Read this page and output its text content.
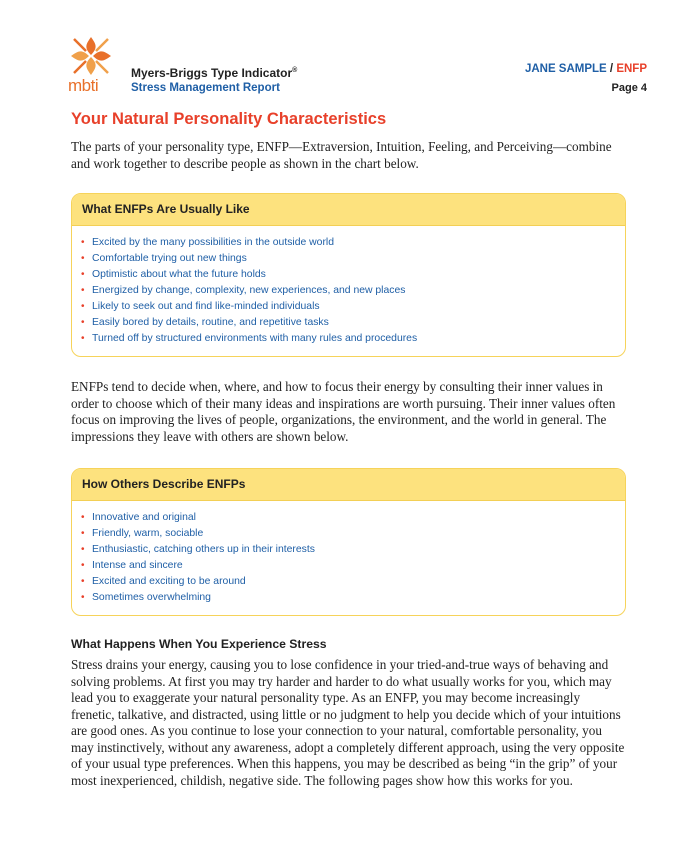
mbti
Myers-Briggs Type Indicator®
Stress Management Report
JANE SAMPLE / ENFP
Page 4
Your Natural Personality Characteristics

The parts of your personality type, ENFP—Extraversion, Intuition, Feeling, and Perceiving—combine and work together to describe people as shown in the chart below.

What ENFPs Are Usually Like
• Excited by the many possibilities in the outside world
• Comfortable trying out new things
• Optimistic about what the future holds
• Energized by change, complexity, new experiences, and new places
• Likely to seek out and find like-minded individuals
• Easily bored by details, routine, and repetitive tasks
• Turned off by structured environments with many rules and procedures

ENFPs tend to decide when, where, and how to focus their energy by consulting their inner values in order to choose which of their many ideas and inspirations are worth pursuing. Their inner values often focus on improving the lives of people, organizations, the environment, and the world in general. The impressions they leave with others are shown below.

How Others Describe ENFPs
• Innovative and original
• Friendly, warm, sociable
• Enthusiastic, catching others up in their interests
• Intense and sincere
• Excited and exciting to be around
• Sometimes overwhelming
What Happens When You Experience Stress

Stress drains your energy, causing you to lose confidence in your tried-and-true ways of behaving and solving problems. At first you may try harder and harder to do what usually works for you, which may lead you to exaggerate your natural personality type. As an ENFP, you may become increasingly frenetic, talkative, and distracted, using little or no judgment to help you decide which of your intuitions are good ones. As you continue to lose your connection to your natural, comfortable personality, you may instinctively, without any awareness, adopt a completely different approach, using the very opposite of your usual type preferences. When this happens, you may be described as being “in the grip” of your most inexperienced, childish, negative side. The following pages show how this works for you.
